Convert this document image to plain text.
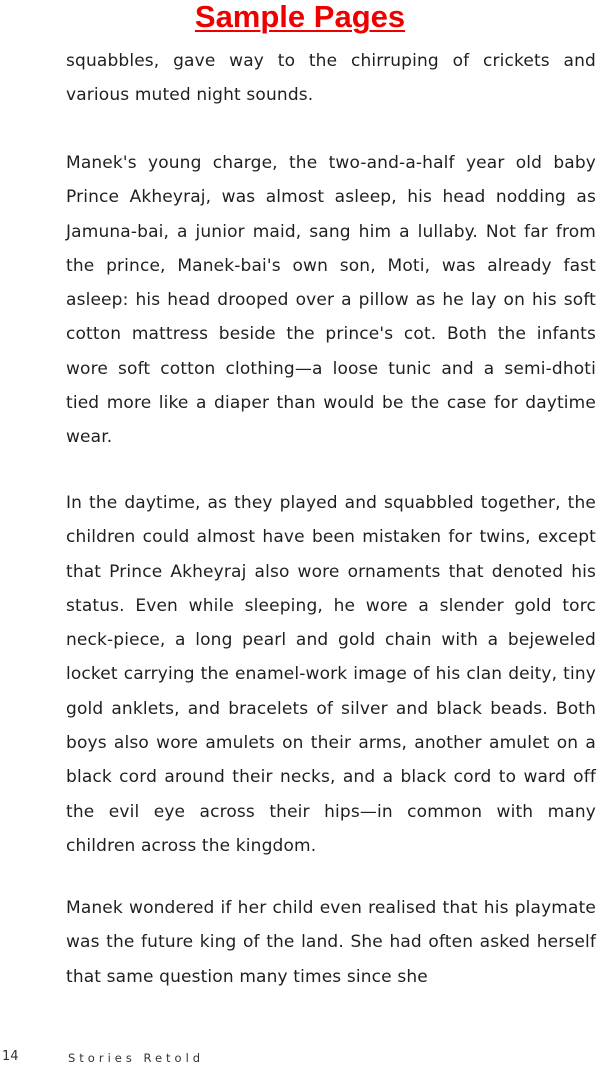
Sample Pages

squabbles, gave way to the chirruping of crickets and various muted night sounds.

Manek's young charge, the two-and-a-half year old baby Prince Akheyraj, was almost asleep, his head nodding as Jamuna-bai, a junior maid, sang him a lullaby. Not far from the prince, Manek-bai's own son, Moti, was already fast asleep: his head drooped over a pillow as he lay on his soft cotton mattress beside the prince's cot. Both the infants wore soft cotton clothing—a loose tunic and a semi-dhoti tied more like a diaper than would be the case for daytime wear.

In the daytime, as they played and squabbled together, the children could almost have been mistaken for twins, except that Prince Akheyraj also wore ornaments that denoted his status. Even while sleeping, he wore a slender gold torc neck-piece, a long pearl and gold chain with a bejeweled locket carrying the enamel-work image of his clan deity, tiny gold anklets, and bracelets of silver and black beads. Both boys also wore amulets on their arms, another amulet on a black cord around their necks, and a black cord to ward off the evil eye across their hips—in common with many children across the kingdom.

Manek wondered if her child even realised that his playmate was the future king of the land. She had often asked herself that same question many times since she

14	Stories Retold
